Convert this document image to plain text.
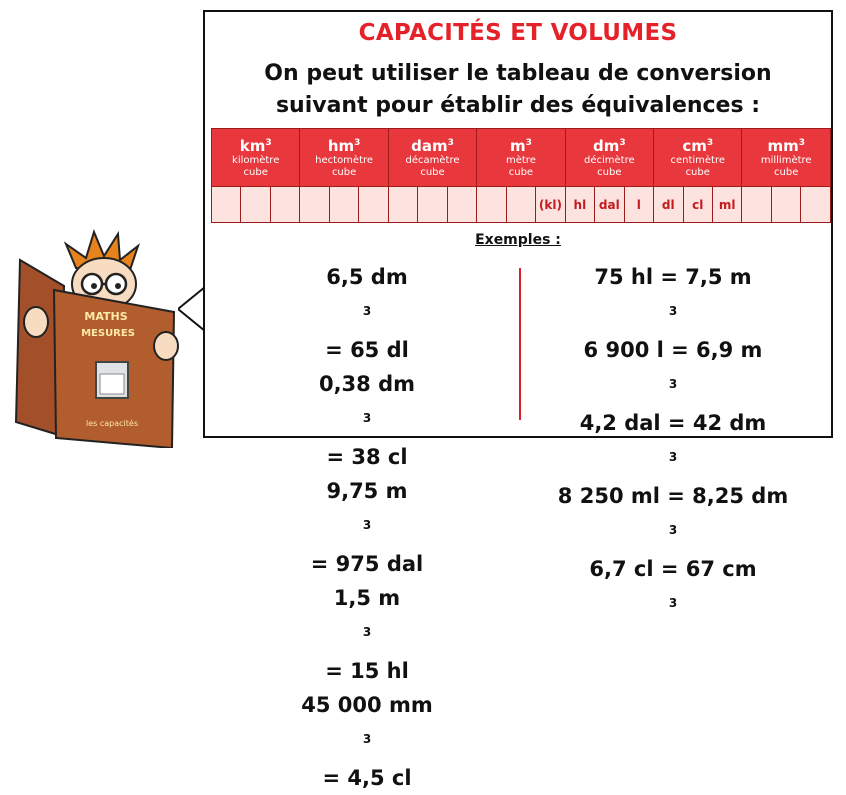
CAPACITÉS ET VOLUMES
On peut utiliser le tableau de conversion
suivant pour établir des équivalences :
$km^3$
kilomètre
cube			$hm^3$
hectomètre
cube			dam$^3$
décamètre
cube			$m^3$
mètre
cube			$dm^3$
décimètre
cube			$cm^3$
centimètre
cube			$mm^3$
millimètre
cube		

											(kl)	hl	dal	l	dl	cl	ml			
Exemples :
6,5 dm
$^3$
= 65 dl
0,38 dm
$^3$
= 38 cl
9,75 m
$^3$
= 975 dal
1,5 m
$^3$
= 15 hl
45 000 mm
$^3$
= 4,5 cl
75 hl = 7,5 m
$^3$
6 900 l = 6,9 m
$^3$
4,2 dal = 42 dm
$^3$
8 250 ml = 8,25 dm
$^3$
6,7 cl = 67 cm
$^3$
MATHS
MESURES
les capacités
